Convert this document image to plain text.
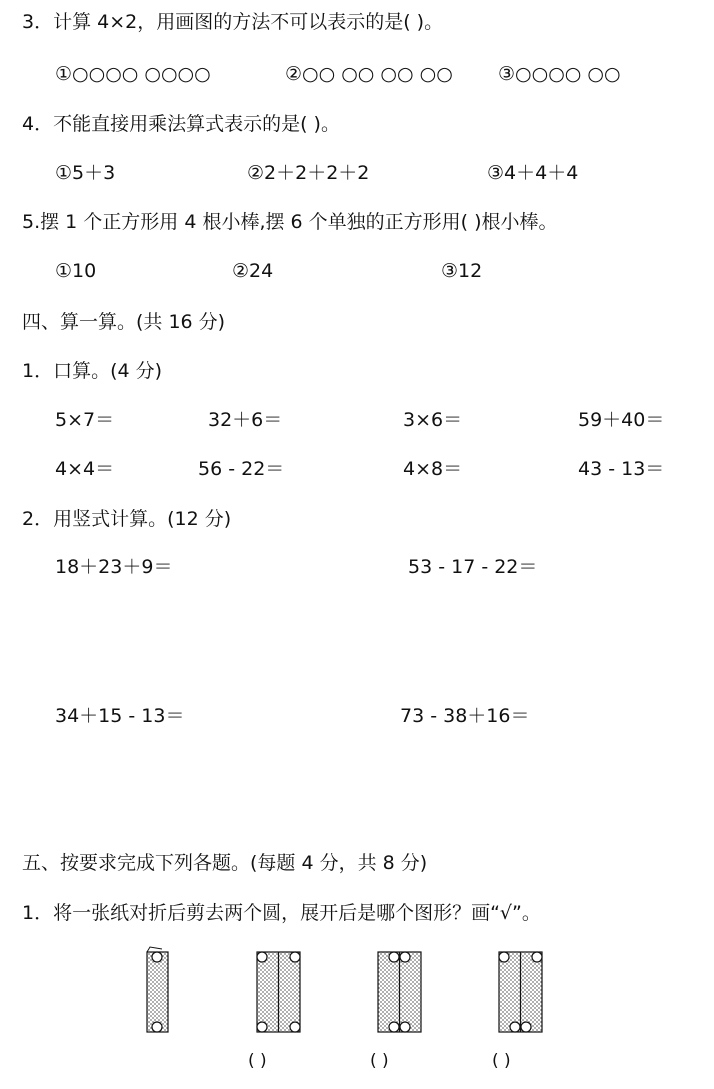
3．计算 4×2，用画图的方法不可以表示的是( )。
①○○○○ ○○○○	②○○ ○○ ○○ ○○ ③○○○○ ○○
4．不能直接用乘法算式表示的是( )。
①5＋3	②2＋2＋2＋2	③4＋4＋4
5.摆 1 个正方形用 4 根小棒,摆 6 个单独的正方形用( )根小棒。
①10	②24	③12
四、算一算。(共 16 分)
1．口算。(4 分)
5×7＝	32＋6＝	3×6＝	59＋40＝
4×4＝	56 - 22＝	4×8＝	43 - 13＝
2．用竖式计算。(12 分)
18＋23＋9＝	53 - 17 - 22＝
34＋15 - 13＝	73 - 38＋16＝
五、按要求完成下列各题。(每题 4 分，共 8 分)
1．将一张纸对折后剪去两个圆，展开后是哪个图形？画“√”。
( )	( )	( )
